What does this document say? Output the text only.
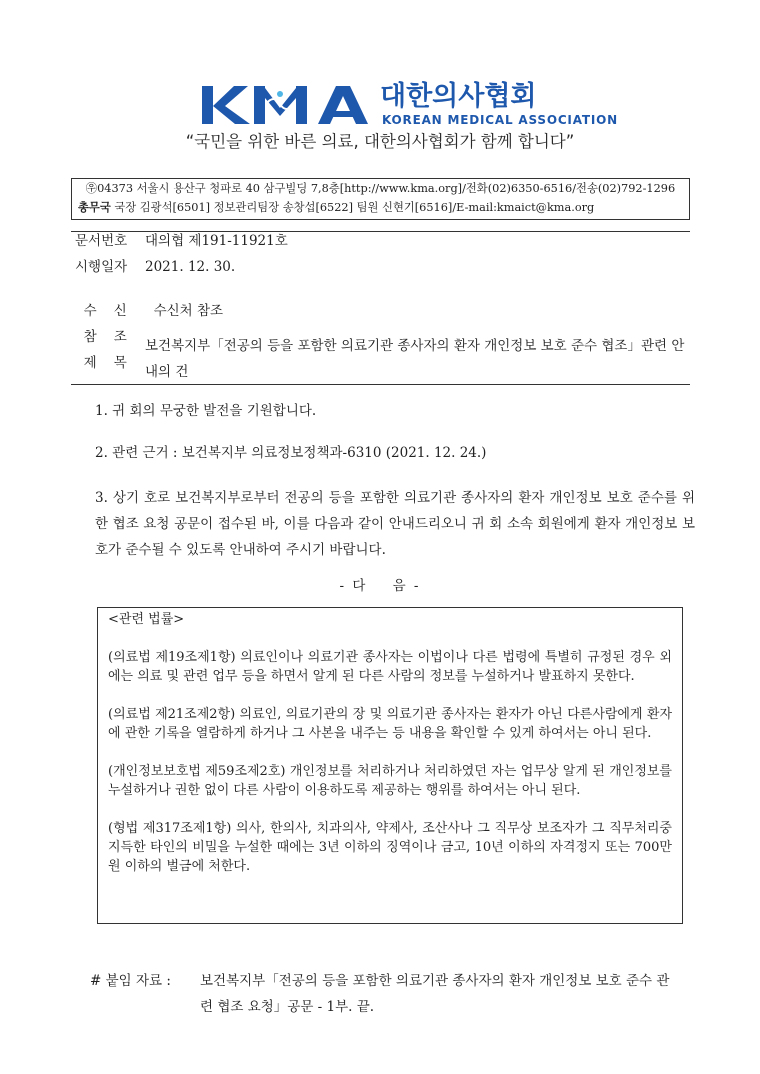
대한의사협회
KOREAN MEDICAL ASSOCIATION
“국민을 위한 바른 의료, 대한의사협회가 함께 합니다”
㉾04373 서울시 용산구 청파로 40 삼구빌딩 7,8층[http://www.kma.org]/전화(02)6350-6516/전송(02)792-1296
총무국 국장 김광석[6501] 정보관리팀장 송창섭[6522] 팀원 신현기[6516]/E-mail:kmaict@kma.org
문서번호 대의협 제191-11921호
시행일자 2021. 12. 30.

수    신 수신처 참조

참    조

제    목

보건복지부「전공의 등을 포함한 의료기관 종사자의 환자 개인정보 보호 준수 협조」관련 안내의 건
1. 귀 회의 무궁한 발전을 기원합니다.
2. 관련 근거 : 보건복지부 의료정보정책과-6310 (2021. 12. 24.)
3. 상기 호로 보건복지부로부터 전공의 등을 포함한 의료기관 종사자의 환자 개인정보 보호 준수를 위한 협조 요청 공문이 접수된 바, 이를 다음과 같이 안내드리오니 귀 회 소속 회원에게 환자 개인정보 보호가 준수될 수 있도록 안내하여 주시기 바랍니다.
- 다    음 -
<관련 법률>
(의료법 제19조제1항) 의료인이나 의료기관 종사자는 이법이나 다른 법령에 특별히 규정된 경우 외에는 의료 및 관련 업무 등을 하면서 알게 된 다른 사람의 정보를 누설하거나 발표하지 못한다.
(의료법 제21조제2항) 의료인, 의료기관의 장 및 의료기관 종사자는 환자가 아닌 다른사람에게 환자에 관한 기록을 열람하게 하거나 그 사본을 내주는 등 내용을 확인할 수 있게 하여서는 아니 된다.
(개인정보보호법 제59조제2호) 개인정보를 처리하거나 처리하였던 자는 업무상 알게 된 개인정보를 누설하거나 권한 없이 다른 사람이 이용하도록 제공하는 행위를 하여서는 아니 된다.
(형법 제317조제1항) 의사, 한의사, 치과의사, 약제사, 조산사나 그 직무상 보조자가 그 직무처리중 지득한 타인의 비밀을 누설한 때에는 3년 이하의 징역이나 금고, 10년 이하의 자격정지 또는 700만원 이하의 벌금에 처한다.
# 붙임 자료 : 보건복지부「전공의 등을 포함한 의료기관 종사자의 환자 개인정보 보호 준수 관련 협조 요청」공문 - 1부. 끝.
